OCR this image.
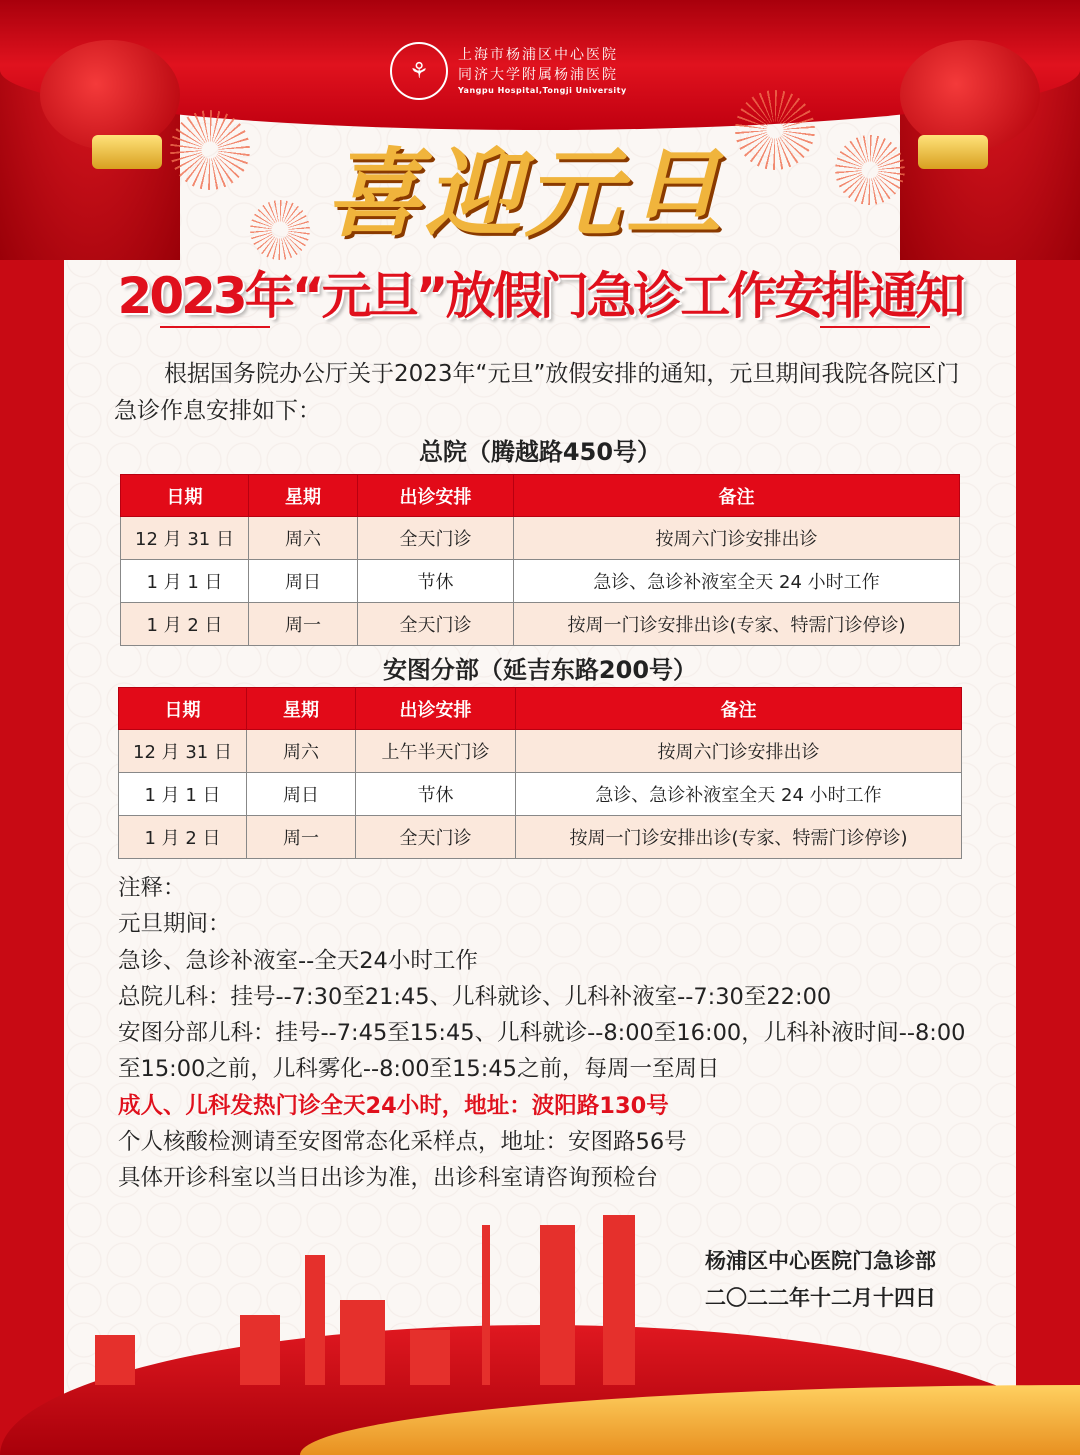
⚘
上海市杨浦区中心医院
同济大学附属杨浦医院
Yangpu Hospital,Tongji University
喜迎元旦
2023年“元旦”放假门急诊工作安排通知
根据国务院办公厅关于2023年“元旦”放假安排的通知，元旦期间我院各院区门急诊作息安排如下：
总院（腾越路450号）
日期	星期	出诊安排	备注
12 月 31 日	周六	全天门诊	按周六门诊安排出诊
1 月 1 日	周日	节休	急诊、急诊补液室全天 24 小时工作
1 月 2 日	周一	全天门诊	按周一门诊安排出诊(专家、特需门诊停诊)
安图分部（延吉东路200号）
日期	星期	出诊安排	备注
12 月 31 日	周六	上午半天门诊	按周六门诊安排出诊
1 月 1 日	周日	节休	急诊、急诊补液室全天 24 小时工作
1 月 2 日	周一	全天门诊	按周一门诊安排出诊(专家、特需门诊停诊)
注释：
元旦期间：
急诊、急诊补液室--全天24小时工作
总院儿科：挂号--7:30至21:45、儿科就诊、儿科补液室--7:30至22:00
安图分部儿科：挂号--7:45至15:45、儿科就诊--8:00至16:00，儿科补液时间--8:00至15:00之前，儿科雾化--8:00至15:45之前，每周一至周日
成人、儿科发热门诊全天24小时，地址：波阳路130号
个人核酸检测请至安图常态化采样点，地址：安图路56号
具体开诊科室以当日出诊为准，出诊科室请咨询预检台
杨浦区中心医院门急诊部
二〇二二年十二月十四日
